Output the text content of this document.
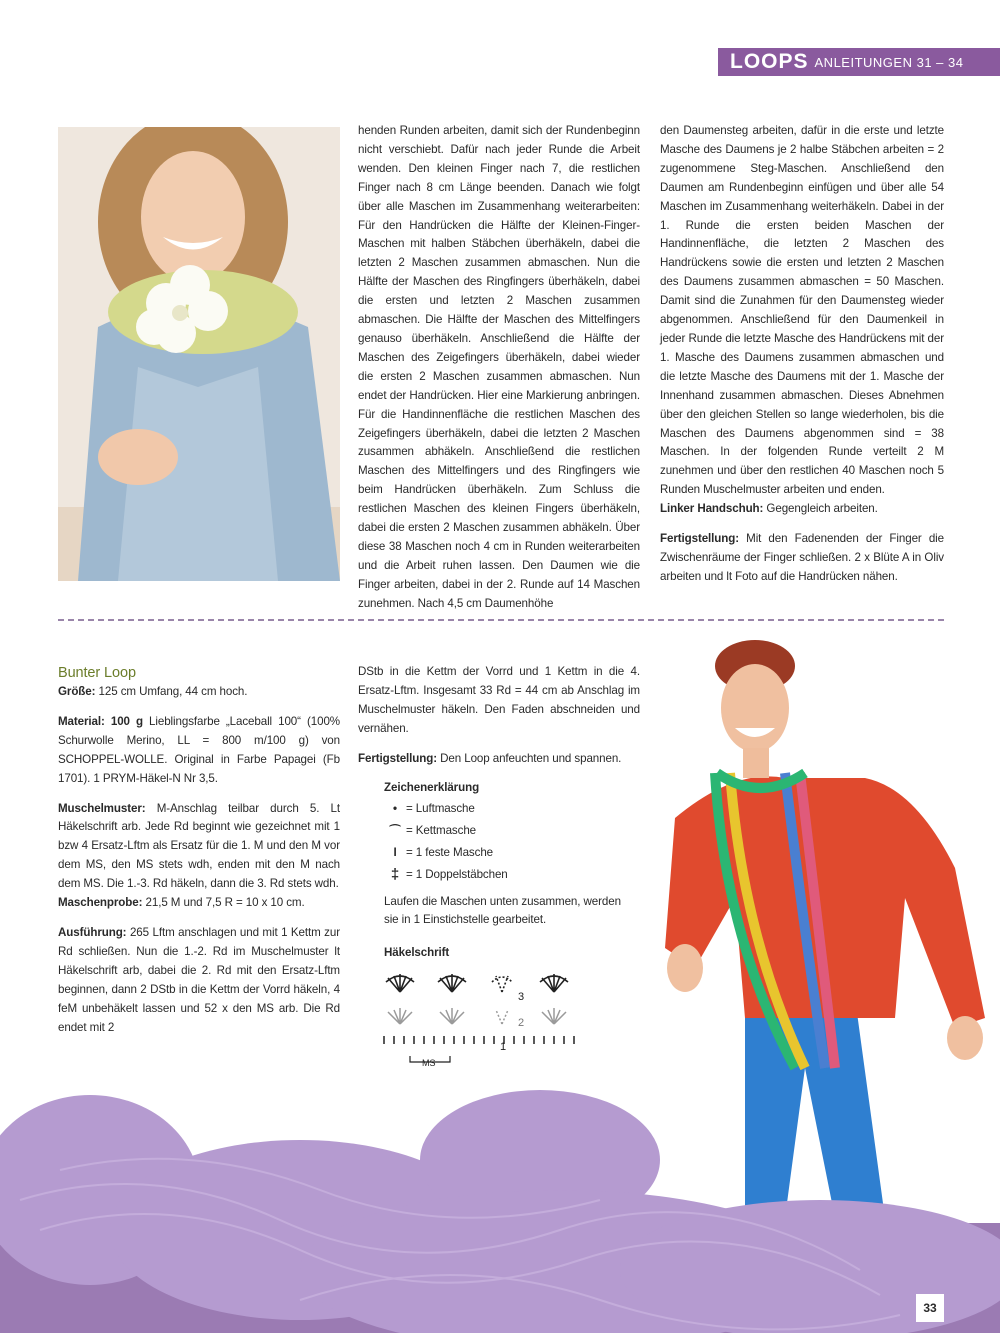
LOOPS ANLEITUNGEN 31 – 34

henden Runden arbeiten, damit sich der Rundenbeginn nicht verschiebt. Dafür nach jeder Runde die Arbeit wenden. Den kleinen Finger nach 7, die restlichen Finger nach 8 cm Länge beenden. Danach wie folgt über alle Maschen im Zusammenhang weiterarbeiten: Für den Handrücken die Hälfte der Kleinen-Finger-Maschen mit halben Stäbchen überhäkeln, dabei die letzten 2 Maschen zusammen abmaschen. Nun die Hälfte der Maschen des Ringfingers überhäkeln, dabei die ersten und letzten 2 Maschen zusammen abmaschen. Die Hälfte der Maschen des Mittelfingers genauso überhäkeln. Anschließend die Hälfte der Maschen des Zeigefingers überhäkeln, dabei wieder die ersten 2 Maschen zusammen abmaschen. Nun endet der Handrücken. Hier eine Markierung anbringen. Für die Handinnenfläche die restlichen Maschen des Zeigefingers überhäkeln, dabei die letzten 2 Maschen zusammen abhäkeln. Anschließend die restlichen Maschen des Mittelfingers und des Ringfingers wie beim Handrücken überhäkeln. Zum Schluss die restlichen Maschen des kleinen Fingers überhäkeln, dabei die ersten 2 Maschen zusammen abhäkeln. Über diese 38 Maschen noch 4 cm in Runden weiterarbeiten und die Arbeit ruhen lassen. Den Daumen wie die Finger arbeiten, dabei in der 2. Runde auf 14 Maschen zunehmen. Nach 4,5 cm Daumenhöhe

den Daumensteg arbeiten, dafür in die erste und letzte Masche des Daumens je 2 halbe Stäbchen arbeiten = 2 zugenommene Steg-Maschen. Anschließend den Daumen am Rundenbeginn einfügen und über alle 54 Maschen im Zusammenhang weiterhäkeln. Dabei in der 1. Runde die ersten beiden Maschen der Handinnenfläche, die letzten 2 Maschen des Handrückens sowie die ersten und letzten 2 Maschen des Daumens zusammen abmaschen = 50 Maschen. Damit sind die Zunahmen für den Daumensteg wieder abgenommen. Anschließend für den Daumenkeil in jeder Runde die letzte Masche des Handrückens mit der 1. Masche des Daumens zusammen abmaschen und die letzte Masche des Daumens mit der 1. Masche der Innenhand zusammen abmaschen. Dieses Abnehmen über den gleichen Stellen so lange wiederholen, bis die Maschen des Daumens abgenommen sind = 38 Maschen. In der folgenden Runde verteilt 2 M zunehmen und über den restlichen 40 Maschen noch 5 Runden Muschelmuster arbeiten und enden.

Linker Handschuh: Gegengleich arbeiten.

Fertigstellung: Mit den Fadenenden der Finger die Zwischenräume der Finger schließen. 2 x Blüte A in Oliv arbeiten und lt Foto auf die Handrücken nähen.

Bunter Loop

Größe: 125 cm Umfang, 44 cm hoch.

Material: 100 g Lieblingsfarbe „Laceball 100“ (100% Schurwolle Merino, LL = 800 m/100 g) von SCHOPPEL-WOLLE. Original in Farbe Papagei (Fb 1701). 1 PRYM-Häkel-N Nr 3,5.

Muschelmuster: M-Anschlag teilbar durch 5. Lt Häkelschrift arb. Jede Rd beginnt wie gezeichnet mit 1 bzw 4 Ersatz-Lftm als Ersatz für die 1. M und den M vor dem MS, den MS stets wdh, enden mit den M nach dem MS. Die 1.-3. Rd häkeln, dann die 3. Rd stets wdh.

Maschenprobe: 21,5 M und 7,5 R = 10 x 10 cm.

Ausführung: 265 Lftm anschlagen und mit 1 Kettm zur Rd schließen. Nun die 1.-2. Rd im Muschelmuster lt Häkelschrift arb, dabei die 2. Rd mit den Ersatz-Lftm beginnen, dann 2 DStb in die Kettm der Vorrd häkeln, 4 feM unbehäkelt lassen und 52 x den MS arb. Die Rd endet mit 2

DStb in die Kettm der Vorrd und 1 Kettm in die 4. Ersatz-Lftm. Insgesamt 33 Rd = 44 cm ab Anschlag im Muschelmuster häkeln. Den Faden abschneiden und vernähen.

Fertigstellung: Den Loop anfeuchten und spannen.

Zeichenerklärung
• = Luftmasche
⌒ = Kettmasche
I = 1 feste Masche
‡ = 1 Doppelstäbchen

Laufen die Maschen unten zusammen, werden sie in 1 Einstichstelle gearbeitet.

Häkelschrift
3
2
1
MS
33
